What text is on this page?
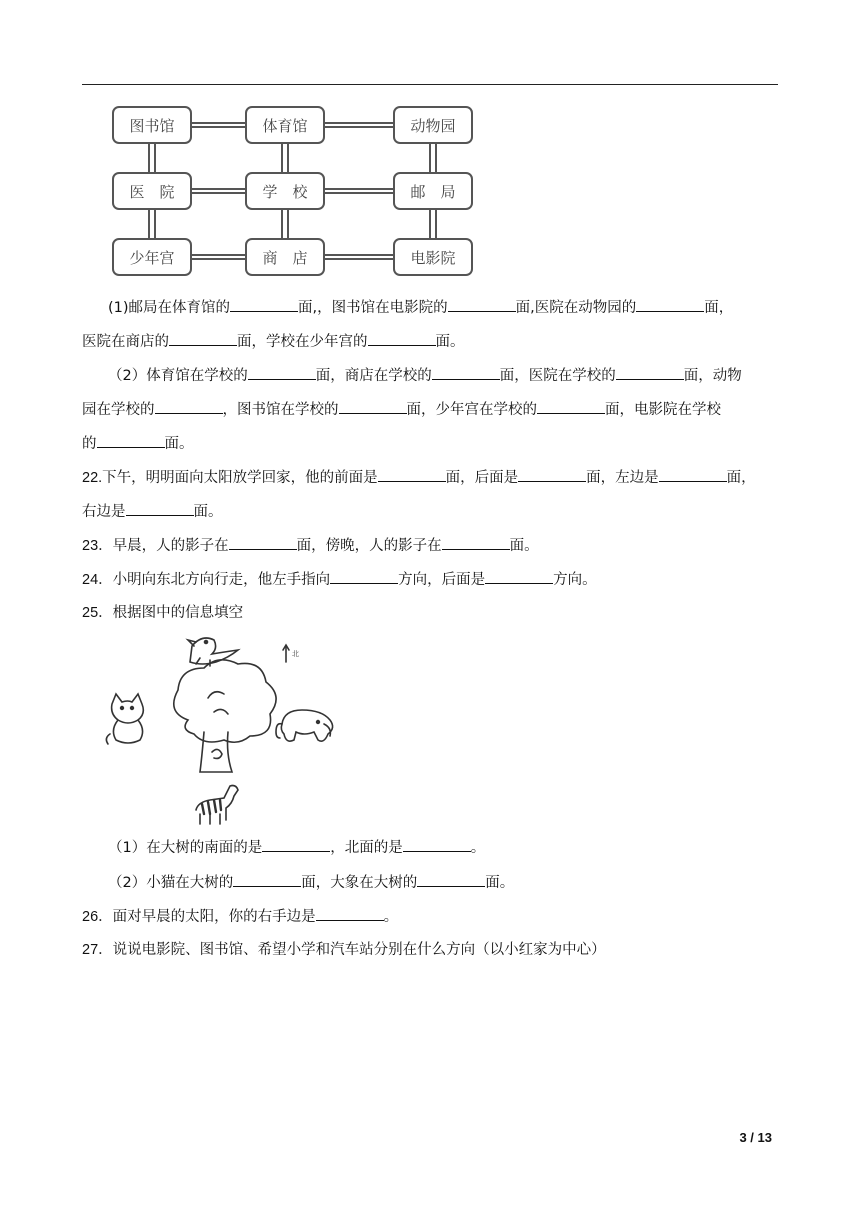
图书馆	体育馆	动物园
医　院	学　校	邮　局
少年宫	商　店	电影院
(1)邮局在体育馆的	面,，图书馆在电影院的	面,医院在动物园的	面，
医院在商店的	面，学校在少年宫的	面。
（2）体育馆在学校的	面，商店在学校的	面，医院在学校的	面，动物
园在学校的	，图书馆在学校的	面，少年宫在学校的	面，电影院在学校
的	面。
22.下午，明明面向太阳放学回家，他的前面是	面，后面是	面，左边是	面，
右边是	面。
23．早晨，人的影子在	面，傍晚，人的影子在	面。
24．小明向东北方向行走，他左手指向	方向，后面是	方向。
25．根据图中的信息填空
北
（1）在大树的南面的是	，北面的是	。
（2）小猫在大树的	面，大象在大树的	面。
26．面对早晨的太阳，你的右手边是	。
27．说说电影院、图书馆、希望小学和汽车站分别在什么方向（以小红家为中心）
3 / 13
